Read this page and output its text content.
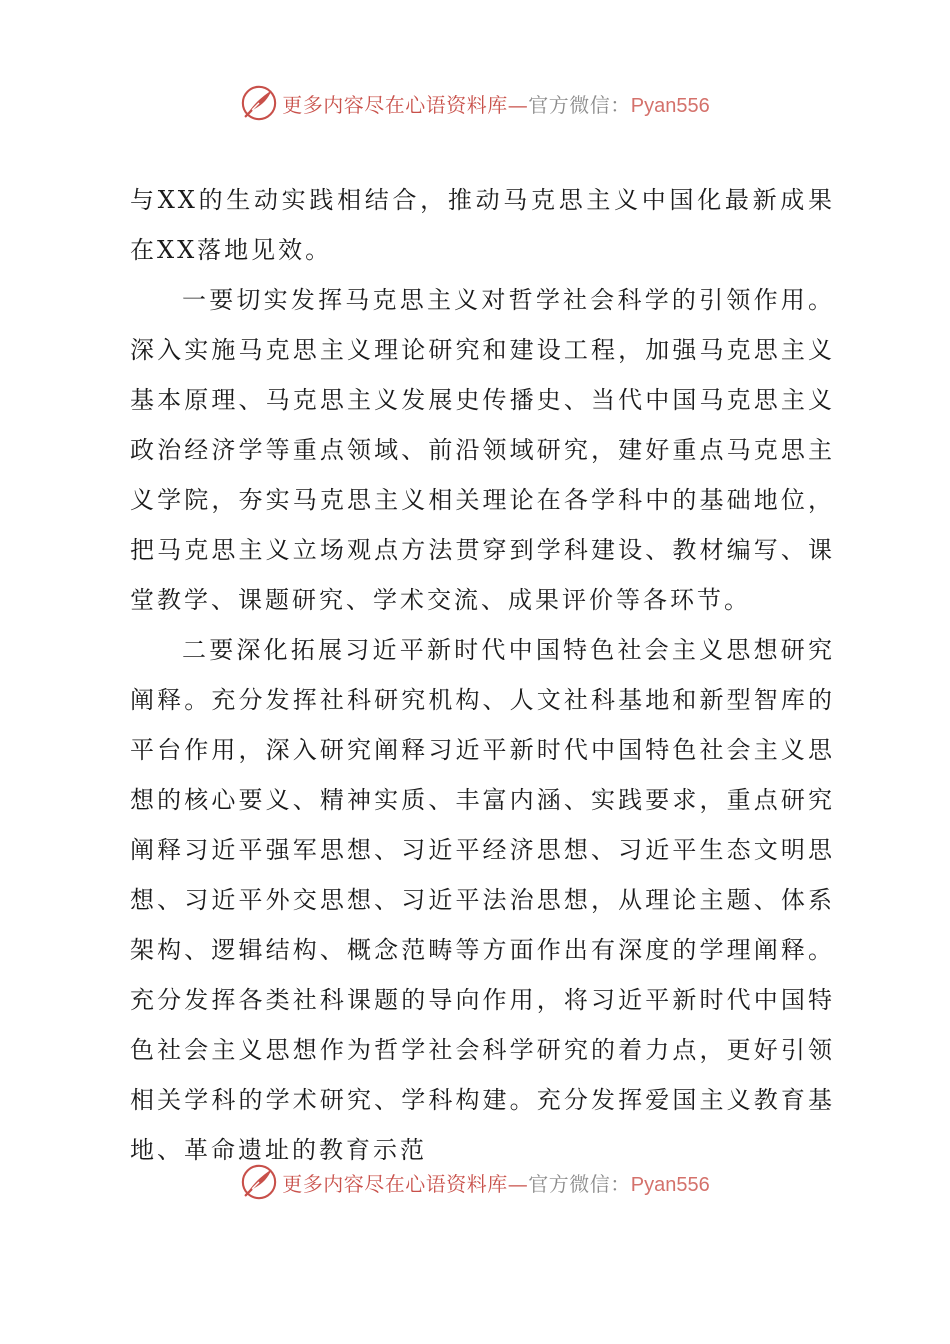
更多内容尽在心语资料库—官方微信：Pyan556

与XX的生动实践相结合，推动马克思主义中国化最新成果在XX落地见效。

一要切实发挥马克思主义对哲学社会科学的引领作用。深入实施马克思主义理论研究和建设工程，加强马克思主义基本原理、马克思主义发展史传播史、当代中国马克思主义政治经济学等重点领域、前沿领域研究，建好重点马克思主义学院，夯实马克思主义相关理论在各学科中的基础地位，把马克思主义立场观点方法贯穿到学科建设、教材编写、课堂教学、课题研究、学术交流、成果评价等各环节。

二要深化拓展习近平新时代中国特色社会主义思想研究阐释。充分发挥社科研究机构、人文社科基地和新型智库的平台作用，深入研究阐释习近平新时代中国特色社会主义思想的核心要义、精神实质、丰富内涵、实践要求，重点研究阐释习近平强军思想、习近平经济思想、习近平生态文明思想、习近平外交思想、习近平法治思想，从理论主题、体系架构、逻辑结构、概念范畴等方面作出有深度的学理阐释。充分发挥各类社科课题的导向作用，将习近平新时代中国特色社会主义思想作为哲学社会科学研究的着力点，更好引领相关学科的学术研究、学科构建。充分发挥爱国主义教育基地、革命遗址的教育示范

更多内容尽在心语资料库—官方微信：Pyan556
